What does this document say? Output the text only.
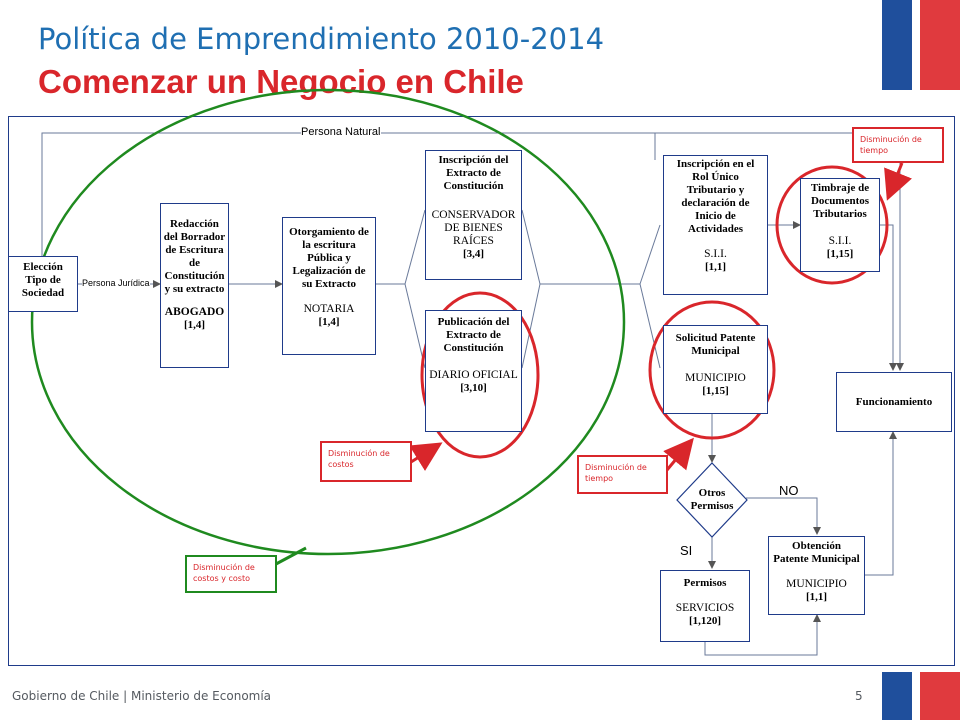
Política de Emprendimiento 2010-2014
Comenzar un Negocio en Chile
Persona Natural
Persona Jurídica
NO
SI
Elección
Tipo de
Sociedad
Redacción
del Borrador
de Escritura
de
Constitución
y su extracto
ABOGADO
[1,4]
Otorgamiento de
la escritura
Pública y
Legalización de
su Extracto
NOTARIA
[1,4]
Inscripción del
Extracto de
Constitución
CONSERVADOR DE BIENES RAÍCES
[3,4]
Publicación del
Extracto de
Constitución
DIARIO OFICIAL
[3,10]
Inscripción en el
Rol Único
Tributario y
declaración de
Inicio de
Actividades
S.I.I.
[1,1]
Timbraje de
Documentos
Tributarios
S.I.I.
[1,15]
Solicitud Patente
Municipal
MUNICIPIO
[1,15]
Funcionamiento
Otros
Permisos
Permisos
SERVICIOS
[1,120]
Obtención
Patente Municipal
MUNICIPIO
[1,1]
Disminución de tiempo
Disminución de costos	Disminución de tiempo
Disminución de costos y costo
Gobierno de Chile | Ministerio de Economía	5
